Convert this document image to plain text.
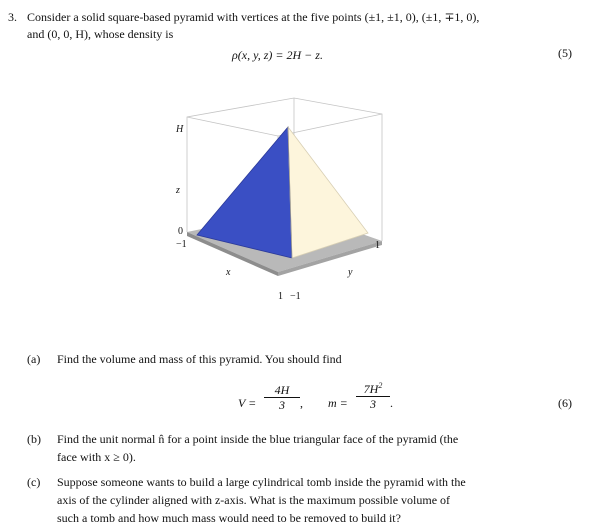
3. Consider a solid square-based pyramid with vertices at the five points (±1, ±1, 0), (±1, ∓1, 0),
and (0, 0, H), whose density is
ρ(x, y, z) = 2H − z.	(5)
H
z
0
−1
x
1 −1
y
1
(a) Find the volume and mass of this pyramid. You should find
$V = \frac{4H}{3}$ , $m = \frac{7H^2}{3}$ .	(6)
(b) Find the unit normal n̂ for a point inside the blue triangular face of the pyramid (the
face with x ≥ 0).
(c) Suppose someone wants to build a large cylindrical tomb inside the pyramid with the
axis of the cylinder aligned with z-axis. What is the maximum possible volume of
such a tomb and how much mass would need to be removed to build it?
